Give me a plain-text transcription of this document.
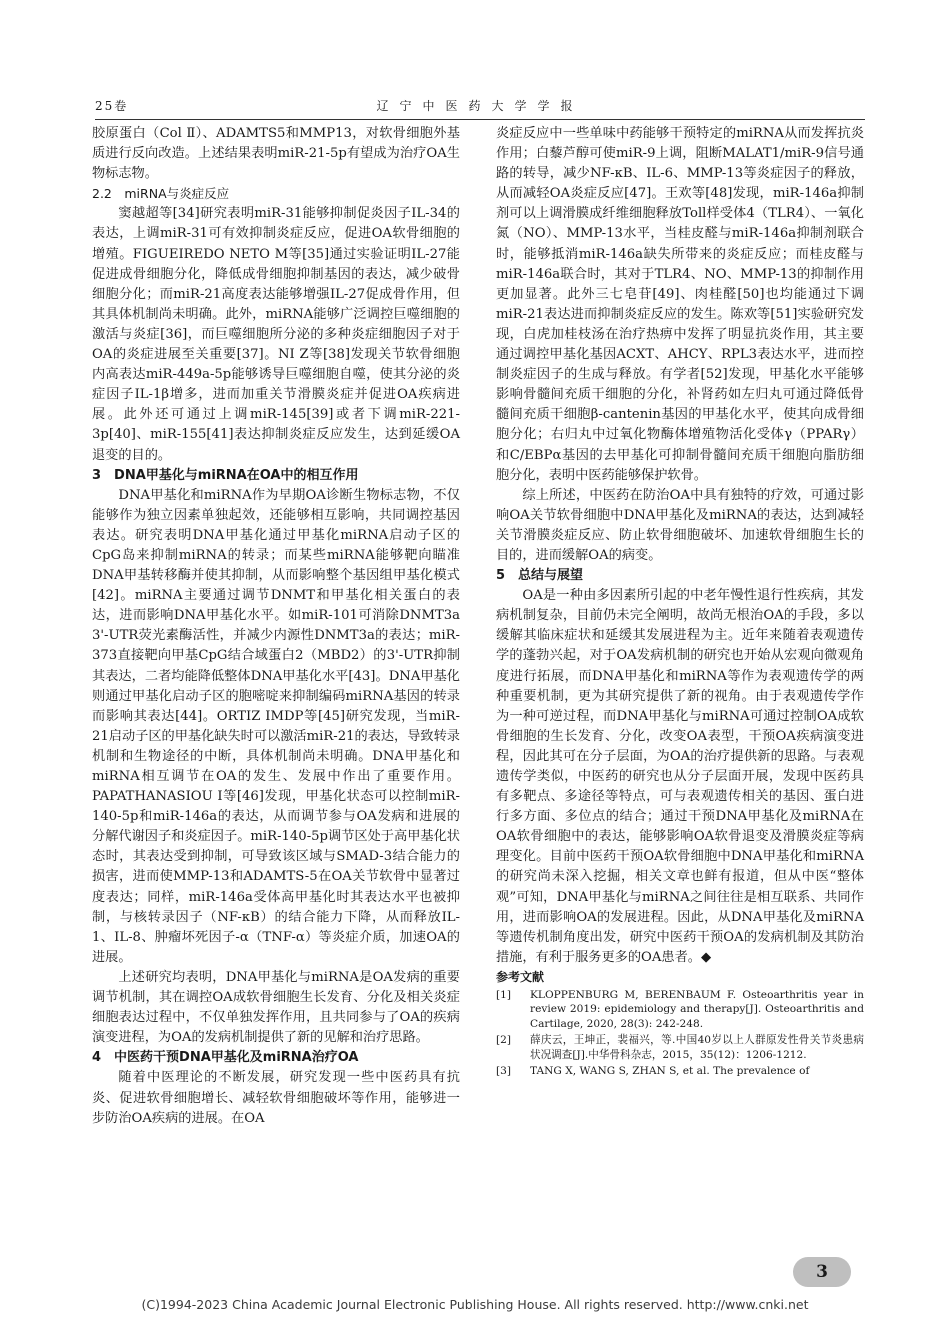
25卷	辽宁中医药大学学报

胶原蛋白（Col Ⅱ）、ADAMTS5和MMP13，对软骨细胞外基质进行反向改造。上述结果表明miR-21-5p有望成为治疗OA生物标志物。

2.2　miRNA与炎症反应

窦越超等[34]研究表明miR-31能够抑制促炎因子IL-34的表达，上调miR-31可有效抑制炎症反应，促进OA软骨细胞的增殖。FIGUEIREDO NETO M等[35]通过实验证明IL-27能促进成骨细胞分化，降低成骨细胞抑制基因的表达，减少破骨细胞分化；而miR-21高度表达能够增强IL-27促成骨作用，但其具体机制尚未明确。此外，miRNA能够广泛调控巨噬细胞的激活与炎症[36]，而巨噬细胞所分泌的多种炎症细胞因子对于OA的炎症进展至关重要[37]。NI Z等[38]发现关节软骨细胞内高表达miR-449a-5p能够诱导巨噬细胞自噬，使其分泌的炎症因子IL-1β增多，进而加重关节滑膜炎症并促进OA疾病进展。此外还可通过上调miR-145[39]或者下调miR-221-3p[40]、miR-155[41]表达抑制炎症反应发生，达到延缓OA退变的目的。

3　DNA甲基化与miRNA在OA中的相互作用

DNA甲基化和miRNA作为早期OA诊断生物标志物，不仅能够作为独立因素单独起效，还能够相互影响，共同调控基因表达。研究表明DNA甲基化通过甲基化miRNA启动子区的CpG岛来抑制miRNA的转录；而某些miRNA能够靶向瞄准DNA甲基转移酶并使其抑制，从而影响整个基因组甲基化模式[42]。miRNA主要通过调节DNMT和甲基化相关蛋白的表达，进而影响DNA甲基化水平。如miR-101可消除DNMT3a 3'-UTR荧光素酶活性，并减少内源性DNMT3a的表达；miR-373直接靶向甲基CpG结合域蛋白2（MBD2）的3'-UTR抑制其表达，二者均能降低整体DNA甲基化水平[43]。DNA甲基化则通过甲基化启动子区的胞嘧啶来抑制编码miRNA基因的转录而影响其表达[44]。ORTIZ IMDP等[45]研究发现，当miR-21启动子区的甲基化缺失时可以激活miR-21的表达，导致转录机制和生物途径的中断，具体机制尚未明确。DNA甲基化和miRNA相互调节在OA的发生、发展中作出了重要作用。PAPATHANASIOU I等[46]发现，甲基化状态可以控制miR-140-5p和miR-146a的表达，从而调节参与OA发病和进展的分解代谢因子和炎症因子。miR-140-5p调节区处于高甲基化状态时，其表达受到抑制，可导致该区域与SMAD-3结合能力的损害，进而使MMP-13和ADAMTS-5在OA关节软骨中显著过度表达；同样，miR-146a受体高甲基化时其表达水平也被抑制，与核转录因子（NF-κB）的结合能力下降，从而释放IL-1、IL-8、肿瘤坏死因子-α（TNF-α）等炎症介质，加速OA的进展。

上述研究均表明，DNA甲基化与miRNA是OA发病的重要调节机制，其在调控OA成软骨细胞生长发育、分化及相关炎症细胞表达过程中，不仅单独发挥作用，且共同参与了OA的疾病演变进程，为OA的发病机制提供了新的见解和治疗思路。

4　中医药干预DNA甲基化及miRNA治疗OA

随着中医理论的不断发展，研究发现一些中医药具有抗炎、促进软骨细胞增长、减轻软骨细胞破坏等作用，能够进一步防治OA疾病的进展。在OA

炎症反应中一些单味中药能够干预特定的miRNA从而发挥抗炎作用；白藜芦醇可使miR-9上调，阻断MALAT1/miR-9信号通路的转导，减少NF-κB、IL-6、MMP-13等炎症因子的释放，从而减轻OA炎症反应[47]。王欢等[48]发现，miR-146a抑制剂可以上调滑膜成纤维细胞释放Toll样受体4（TLR4）、一氧化氮（NO）、MMP-13水平，当桂皮醛与miR-146a抑制剂联合时，能够抵消miR-146a缺失所带来的炎症反应；而桂皮醛与miR-146a联合时，其对于TLR4、NO、MMP-13的抑制作用更加显著。此外三七皂苷[49]、肉桂醛[50]也均能通过下调miR-21表达进而抑制炎症反应的发生。陈欢等[51]实验研究发现，白虎加桂枝汤在治疗热痹中发挥了明显抗炎作用，其主要通过调控甲基化基因ACXT、AHCY、RPL3表达水平，进而控制炎症因子的生成与释放。有学者[52]发现，甲基化水平能够影响骨髓间充质干细胞的分化，补肾药如左归丸可通过降低骨髓间充质干细胞β-cantenin基因的甲基化水平，使其向成骨细胞分化；右归丸中过氧化物酶体增殖物活化受体γ（PPARγ）和C/EBPα基因的去甲基化可抑制骨髓间充质干细胞向脂肪细胞分化，表明中医药能够保护软骨。

综上所述，中医药在防治OA中具有独特的疗效，可通过影响OA关节软骨细胞中DNA甲基化及miRNA的表达，达到减轻关节滑膜炎症反应、防止软骨细胞破坏、加速软骨细胞生长的目的，进而缓解OA的病变。

5　总结与展望

OA是一种由多因素所引起的中老年慢性退行性疾病，其发病机制复杂，目前仍未完全阐明，故尚无根治OA的手段，多以缓解其临床症状和延缓其发展进程为主。近年来随着表观遗传学的蓬勃兴起，对于OA发病机制的研究也开始从宏观向微观角度进行拓展，而DNA甲基化和miRNA等作为表观遗传学的两种重要机制，更为其研究提供了新的视角。由于表观遗传学作为一种可逆过程，而DNA甲基化与miRNA可通过控制OA成软骨细胞的生长发育、分化，改变OA表型，干预OA疾病演变进程，因此其可在分子层面，为OA的治疗提供新的思路。与表观遗传学类似，中医药的研究也从分子层面开展，发现中医药具有多靶点、多途径等特点，可与表观遗传相关的基因、蛋白进行多方面、多位点的结合；通过干预DNA甲基化及miRNA在OA软骨细胞中的表达，能够影响OA软骨退变及滑膜炎症等病理变化。目前中医药干预OA软骨细胞中DNA甲基化和miRNA的研究尚未深入挖掘，相关文章也鲜有报道，但从中医“整体观”可知，DNA甲基化与miRNA之间往往是相互联系、共同作用，进而影响OA的发展进程。因此，从DNA甲基化及miRNA等遗传机制角度出发，研究中医药干预OA的发病机制及其防治措施，有利于服务更多的OA患者。◆

参考文献

[1]	KLOPPENBURG M, BERENBAUM F. Osteoarthritis year in review 2019: epidemiology and therapy[J]. Osteoarthritis and Cartilage, 2020, 28(3): 242-248.
[2]	薛庆云，王坤正，裴福兴，等.中国40岁以上人群原发性骨关节炎患病状况调查[J].中华骨科杂志，2015，35(12)：1206-1212.
[3]	TANG X, WANG S, ZHAN S, et al. The prevalence of
3
(C)1994-2023 China Academic Journal Electronic Publishing House. All rights reserved. http://www.cnki.net
